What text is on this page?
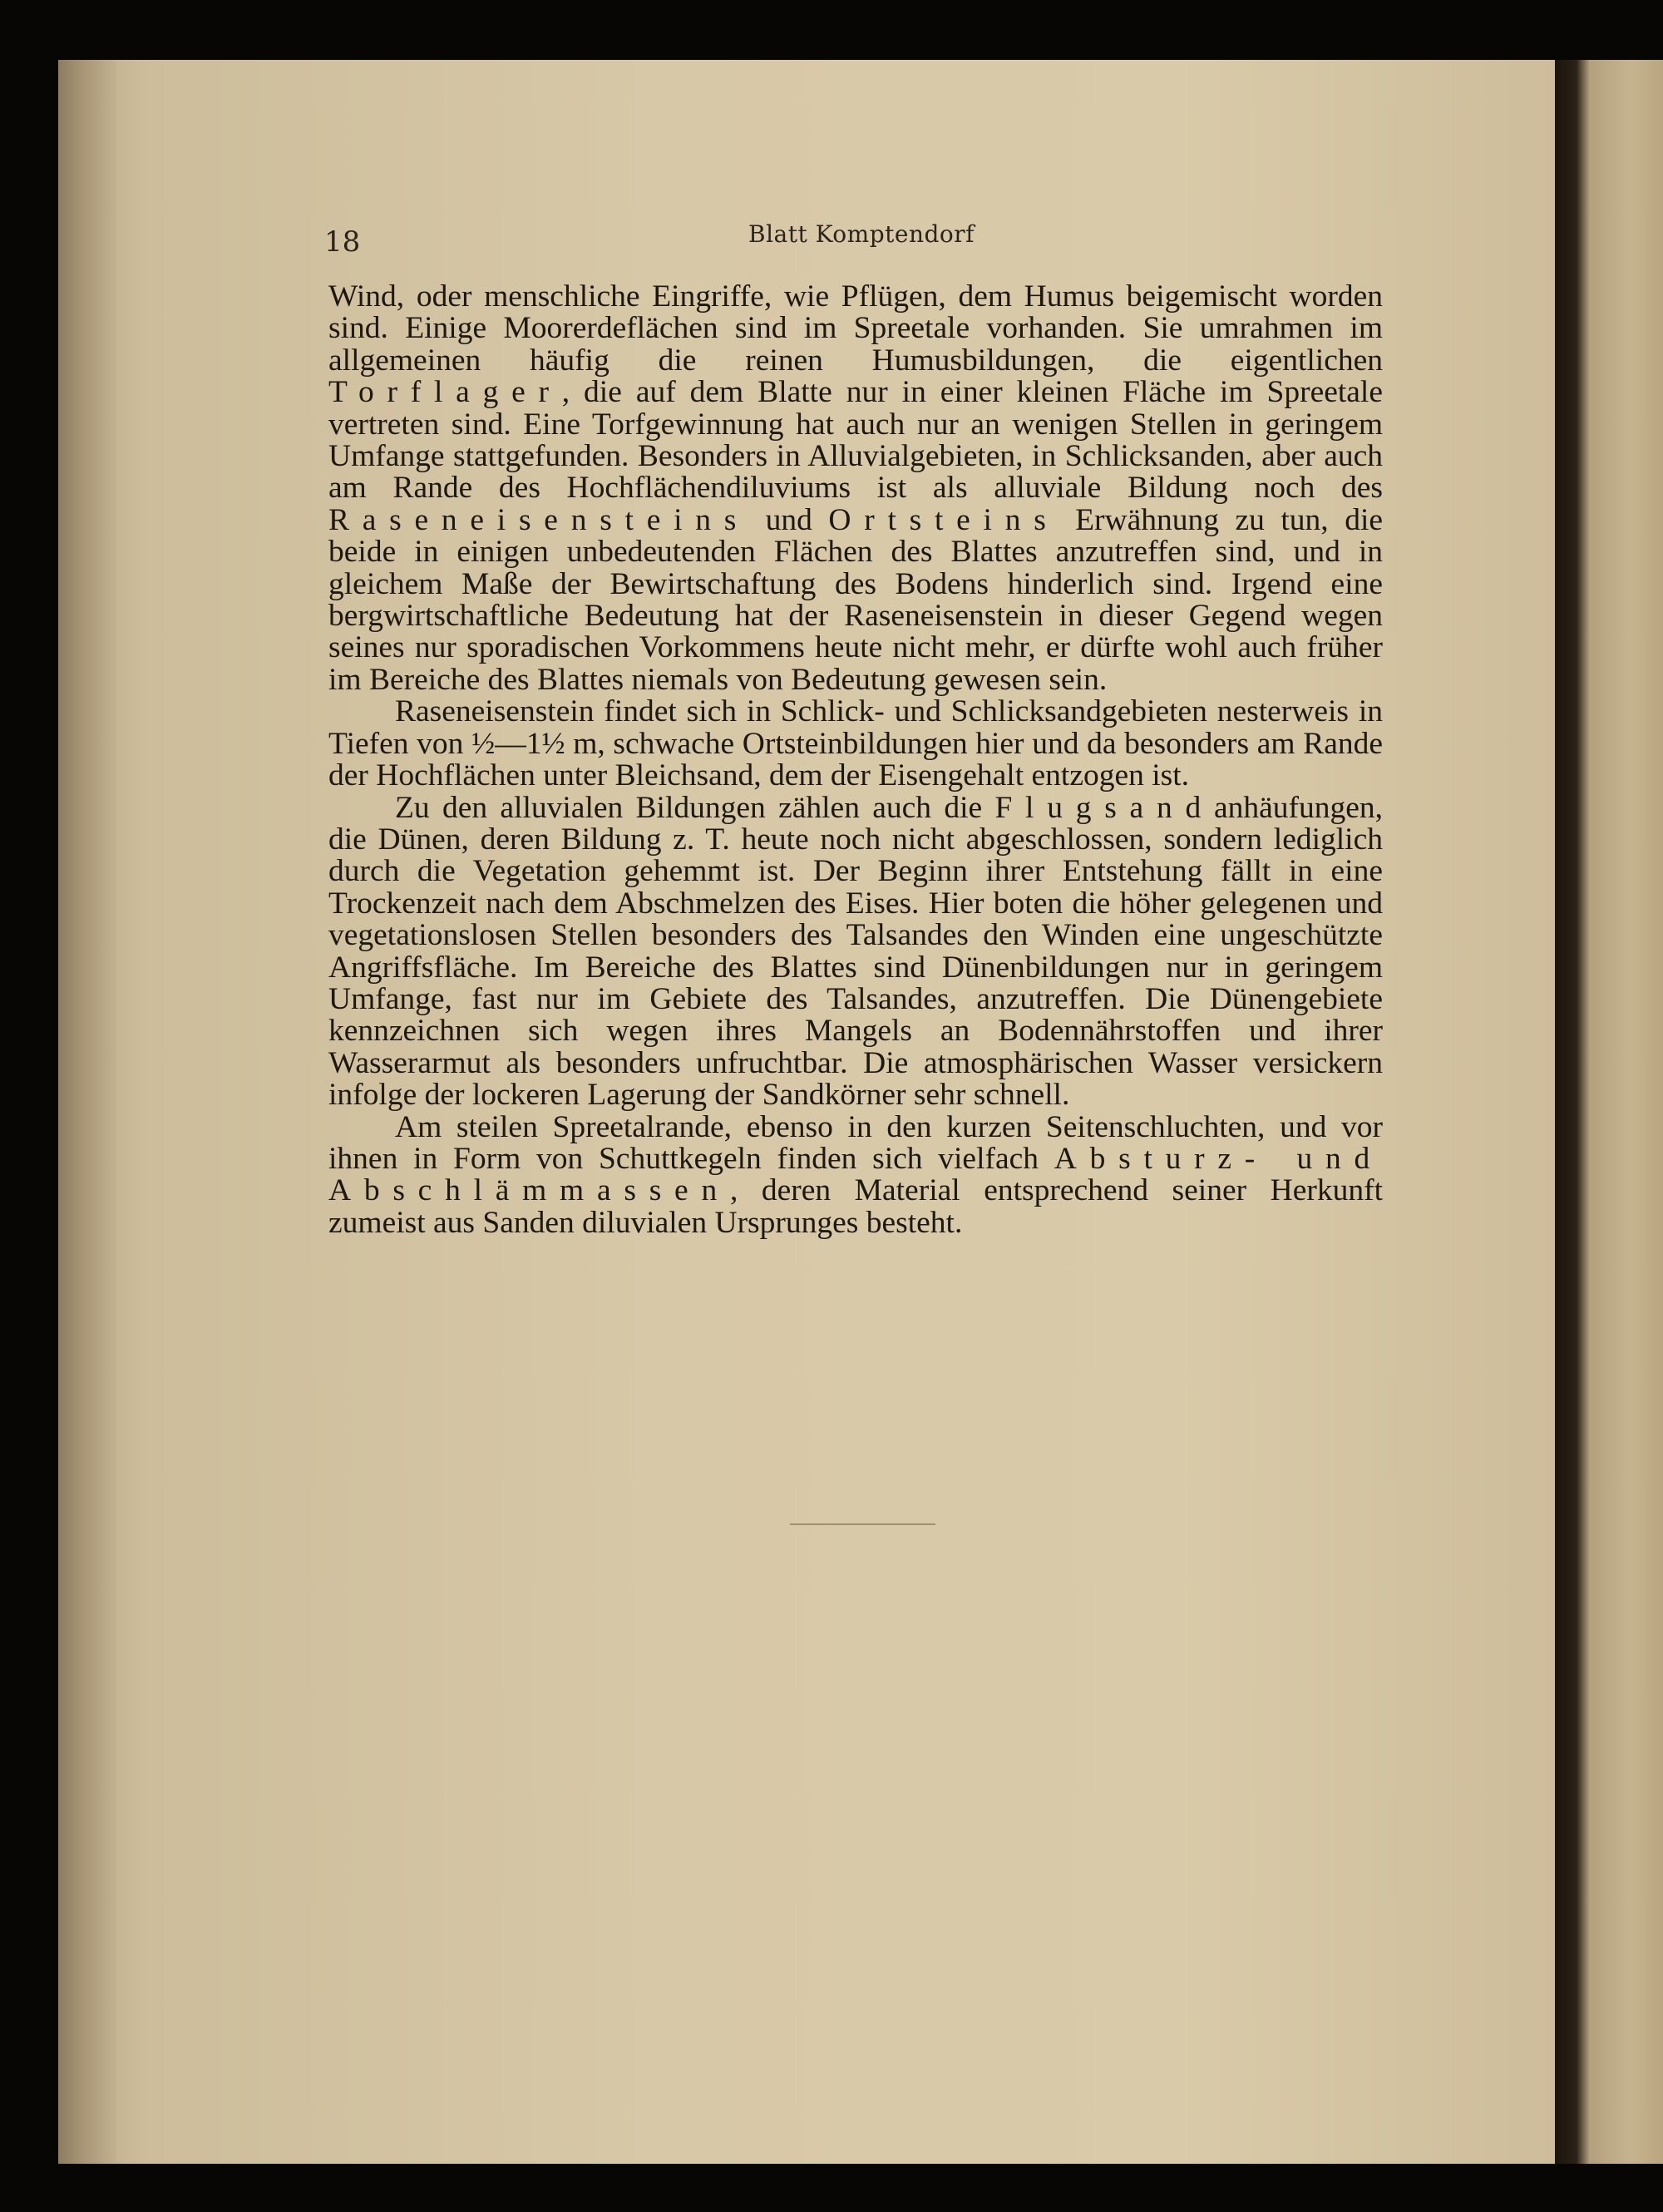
18	Blatt Komptendorf

Wind, oder menschliche Eingriffe, wie Pflügen, dem Humus beigemischt worden sind. Einige Moorerdeflächen sind im Spreetale vorhanden. Sie umrahmen im allgemeinen häufig die reinen Humusbildungen, die eigentlichen Torflager, die auf dem Blatte nur in einer kleinen Fläche im Spreetale vertreten sind. Eine Torfgewinnung hat auch nur an wenigen Stellen in geringem Umfange stattgefunden. Besonders in Alluvialgebieten, in Schlicksanden, aber auch am Rande des Hochflächendiluviums ist als alluviale Bildung noch des Raseneisensteins und Ortsteins Erwähnung zu tun, die beide in einigen unbedeutenden Flächen des Blattes anzutreffen sind, und in gleichem Maße der Bewirtschaftung des Bodens hinderlich sind. Irgend eine bergwirtschaftliche Bedeutung hat der Raseneisenstein in dieser Gegend wegen seines nur sporadischen Vorkommens heute nicht mehr, er dürfte wohl auch früher im Bereiche des Blattes niemals von Bedeutung gewesen sein.

Raseneisenstein findet sich in Schlick- und Schlicksandgebieten nesterweis in Tiefen von ½—1½ m, schwache Ortsteinbildungen hier und da besonders am Rande der Hochflächen unter Bleichsand, dem der Eisengehalt entzogen ist.

Zu den alluvialen Bildungen zählen auch die Flugsandanhäufungen, die Dünen, deren Bildung z. T. heute noch nicht abgeschlossen, sondern lediglich durch die Vegetation gehemmt ist. Der Beginn ihrer Entstehung fällt in eine Trockenzeit nach dem Abschmelzen des Eises. Hier boten die höher gelegenen und vegetationslosen Stellen besonders des Talsandes den Winden eine ungeschützte Angriffsfläche. Im Bereiche des Blattes sind Dünenbildungen nur in geringem Umfange, fast nur im Gebiete des Talsandes, anzutreffen. Die Dünengebiete kennzeichnen sich wegen ihres Mangels an Bodennährstoffen und ihrer Wasserarmut als besonders unfruchtbar. Die atmosphärischen Wasser versickern infolge der lockeren Lagerung der Sandkörner sehr schnell.

Am steilen Spreetalrande, ebenso in den kurzen Seitenschluchten, und vor ihnen in Form von Schuttkegeln finden sich vielfach Absturz- und Abschlämmassen, deren Material entsprechend seiner Herkunft zumeist aus Sanden diluvialen Ursprunges besteht.
